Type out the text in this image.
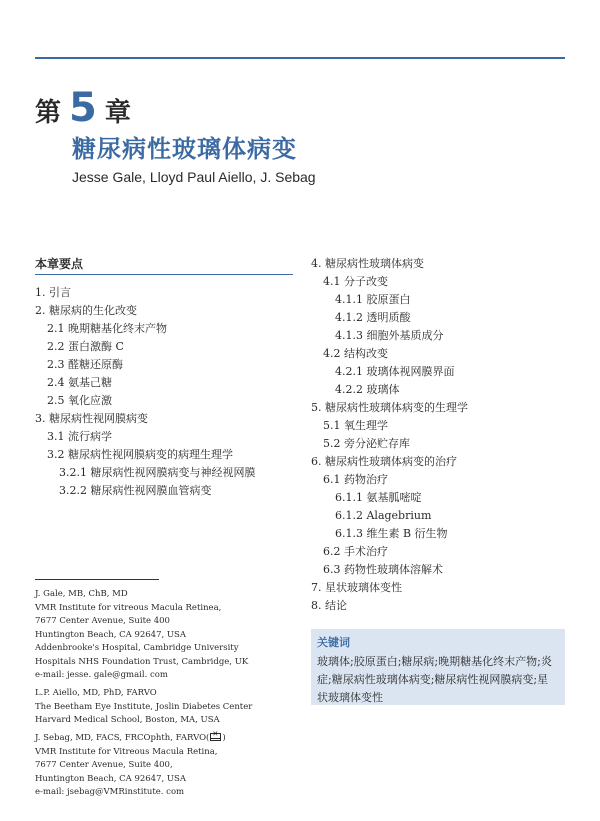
第 5 章
糖尿病性玻璃体病变
Jesse Gale, Lloyd Paul Aiello, J. Sebag
本章要点
1. 引言
2. 糖尿病的生化改变
2.1 晚期糖基化终末产物
2.2 蛋白激酶 C
2.3 醛糖还原酶
2.4 氨基己糖
2.5 氧化应激
3. 糖尿病性视网膜病变
3.1 流行病学
3.2 糖尿病性视网膜病变的病理生理学
3.2.1 糖尿病性视网膜病变与神经视网膜
3.2.2 糖尿病性视网膜血管病变
4. 糖尿病性玻璃体病变
4.1 分子改变
4.1.1 胶原蛋白
4.1.2 透明质酸
4.1.3 细胞外基质成分
4.2 结构改变
4.2.1 玻璃体视网膜界面
4.2.2 玻璃体
5. 糖尿病性玻璃体病变的生理学
5.1 氧生理学
5.2 旁分泌贮存库
6. 糖尿病性玻璃体病变的治疗
6.1 药物治疗
6.1.1 氨基胍嘧啶
6.1.2 Alagebrium
6.1.3 维生素 B 衍生物
6.2 手术治疗
6.3 药物性玻璃体溶解术
7. 星状玻璃体变性
8. 结论
J. Gale, MB, ChB, MD
VMR Institute for vitreous Macula Retinea,
7677 Center Avenue, Suite 400
Huntington Beach, CA 92647, USA
Addenbrooke's Hospital, Cambridge University
Hospitals NHS Foundation Trust, Cambridge, UK
e-mail: jesse. gale@gmail. com
L.P. Aiello, MD, PhD, FARVO
The Beetham Eye Institute, Joslin Diabetes Center
Harvard Medical School, Boston, MA, USA
J. Sebag, MD, FACS, FRCOphth, FARVO(✕ )
VMR Institute for Vitreous Macula Retina,
7677 Center Avenue, Suite 400,
Huntington Beach, CA 92647, USA
e-mail: jsebag@VMRinstitute. com
关键词
玻璃体;胶原蛋白;糖尿病;晚期糖基化终末产物;炎症;糖尿病性玻璃体病变;糖尿病性视网膜病变;星状玻璃体变性
